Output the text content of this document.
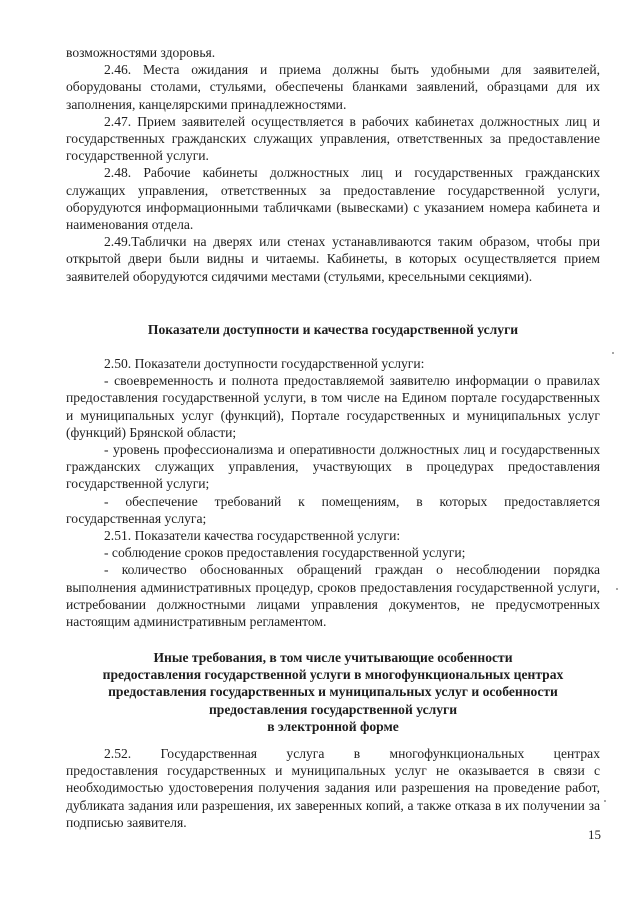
возможностями здоровья.

2.46. Места ожидания и приема должны быть удобными для заявителей, оборудованы столами, стульями, обеспечены бланками заявлений, образцами для их заполнения, канцелярскими принадлежностями.

2.47. Прием заявителей осуществляется в рабочих кабинетах должностных лиц и государственных гражданских служащих управления, ответственных за предоставление государственной услуги.

2.48. Рабочие кабинеты должностных лиц и государственных гражданских служащих управления, ответственных за предоставление государственной услуги, оборудуются информационными табличками (вывесками) с указанием номера кабинета и наименования отдела.

2.49.Таблички на дверях или стенах устанавливаются таким образом, чтобы при открытой двери были видны и читаемы. Кабинеты, в которых осуществляется прием заявителей оборудуются сидячими местами (стульями, кресельными секциями).

Показатели доступности и качества государственной услуги

2.50. Показатели доступности государственной услуги:

- своевременность и полнота предоставляемой заявителю информации о правилах предоставления государственной услуги, в том числе на Едином портале государственных и муниципальных услуг (функций), Портале государственных и муниципальных услуг (функций) Брянской области;

- уровень профессионализма и оперативности должностных лиц и государственных гражданских служащих управления, участвующих в процедурах предоставления государственной услуги;

- обеспечение требований к помещениям, в которых предоставляется государственная услуга;

2.51. Показатели качества государственной услуги:

- соблюдение сроков предоставления государственной услуги;

- количество обоснованных обращений граждан о несоблюдении порядка выполнения административных процедур, сроков предоставления государственной услуги, истребовании должностными лицами управления документов, не предусмотренных настоящим административным регламентом.

Иные требования, в том числе учитывающие особенности
предоставления государственной услуги в многофункциональных центрах
предоставления государственных и муниципальных услуг и особенности
предоставления государственной услуги
в электронной форме

2.52.    Государственная    услуга    в    многофункциональных    центрах предоставления государственных и муниципальных услуг не оказывается в связи с необходимостью удостоверения получения задания или разрешения на проведение работ, дубликата задания или разрешения, их заверенных копий, а также отказа в их получении за подписью заявителя.

15
